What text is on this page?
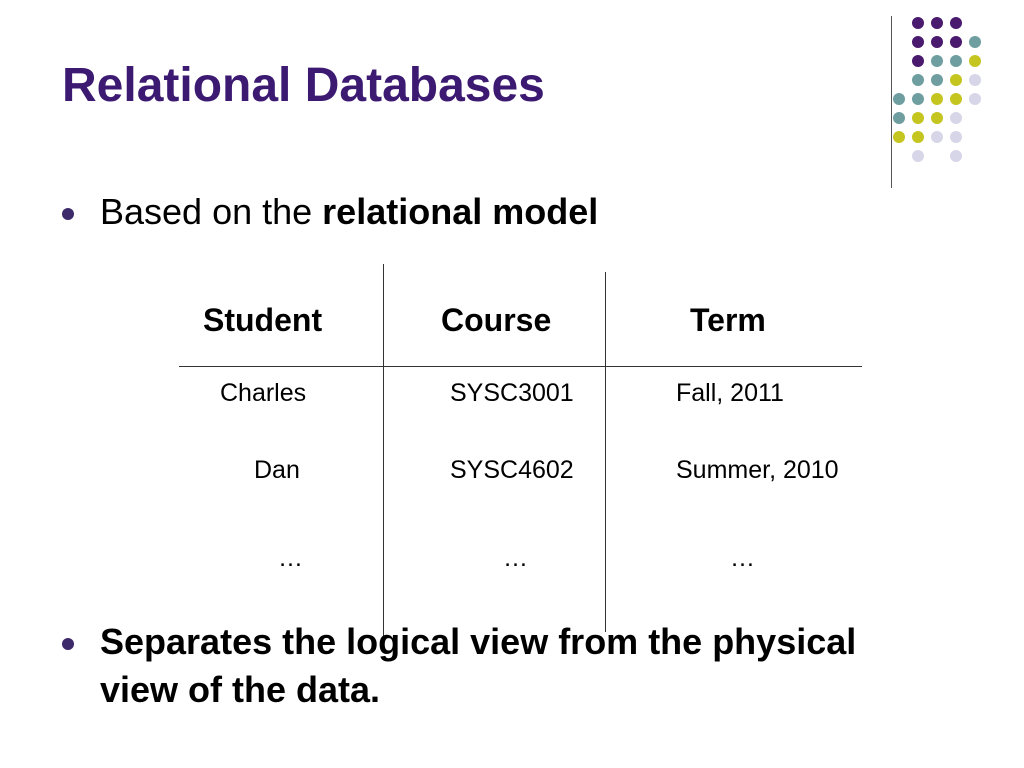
Relational Databases
Based on the relational model
Student	Course	Term
Charles	SYSC3001	Fall, 2011
Dan	SYSC4602	Summer, 2010
…	…	…
Separates the logical view from the physical view of the data.
